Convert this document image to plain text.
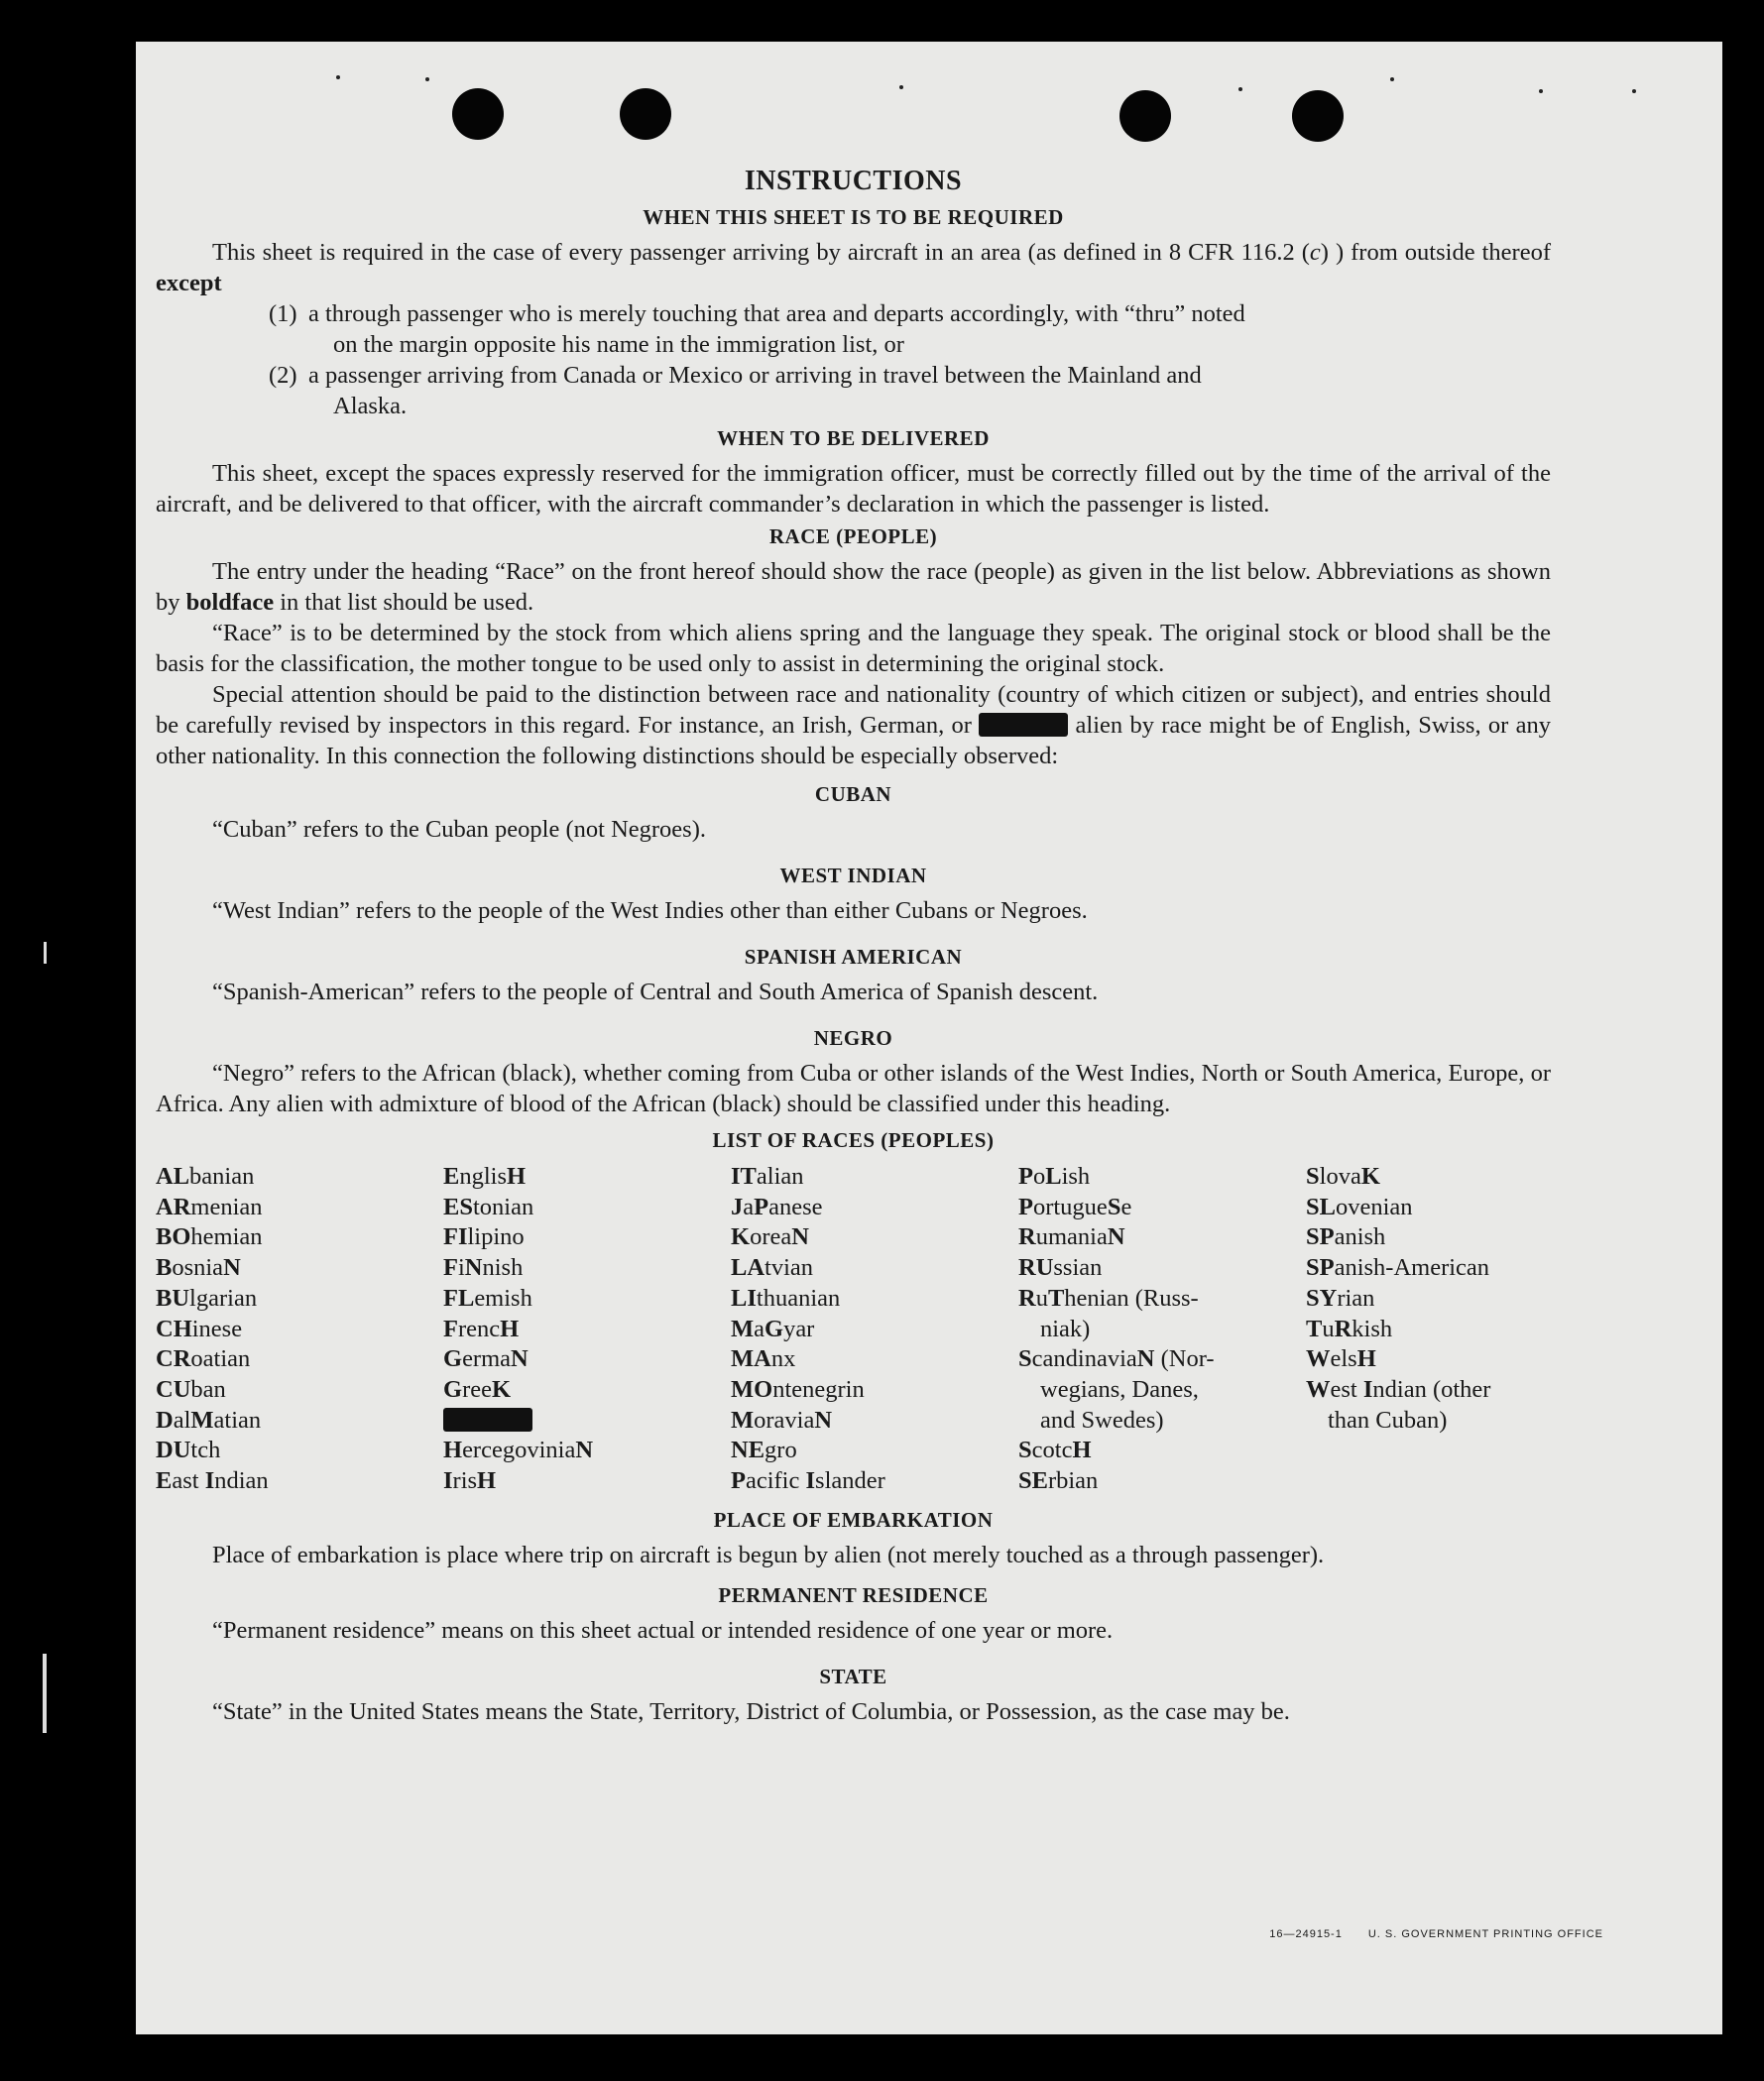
INSTRUCTIONS
WHEN THIS SHEET IS TO BE REQUIRED

This sheet is required in the case of every passenger arriving by aircraft in an area (as defined in 8 CFR 116.2 (c) ) from outside thereof except

(1) a through passenger who is merely touching that area and departs accordingly, with “thru” noted
on the margin opposite his name in the immigration list, or
(2) a passenger arriving from Canada or Mexico or arriving in travel between the Mainland and
Alaska.
WHEN TO BE DELIVERED

This sheet, except the spaces expressly reserved for the immigration officer, must be correctly filled out by the time of the arrival of the aircraft, and be delivered to that officer, with the aircraft commander’s declaration in which the passenger is listed.

RACE (PEOPLE)

The entry under the heading “Race” on the front hereof should show the race (people) as given in the list below. Abbreviations as shown by boldface in that list should be used.

“Race” is to be determined by the stock from which aliens spring and the language they speak. The original stock or blood shall be the basis for the classification, the mother tongue to be used only to assist in determining the original stock.

Special attention should be paid to the distinction between race and nationality (country of which citizen or subject), and entries should be carefully revised by inspectors in this regard. For instance, an Irish, German, or	alien by race might be of English, Swiss, or any other nationality. In this connection the following distinctions should be especially observed:

CUBAN

“Cuban” refers to the Cuban people (not Negroes).

WEST INDIAN

“West Indian” refers to the people of the West Indies other than either Cubans or Negroes.

SPANISH AMERICAN

“Spanish-American” refers to the people of Central and South America of Spanish descent.

NEGRO

“Negro” refers to the African (black), whether coming from Cuba or other islands of the West Indies, North or South America, Europe, or Africa. Any alien with admixture of blood of the African (black) should be classified under this heading.

LIST OF RACES (PEOPLES)
ALbanian
ARmenian
BOhemian
BosniaN
BUlgarian
CHinese
CRoatian
CUban
DalMatian
DUtch
East Indian
EnglisH
EStonian
FIlipino
FiNnish
FLemish
FrencH
GermaN
GreeK
HercegoviniaN
IrisH
ITalian
JaPanese
KoreaN
LAtvian
LIthuanian
MaGyar
MAnx
MOntenegrin
MoraviaN
NEgro
Pacific Islander
PoLish
PortugueSe
RumaniaN
RUssian
RuThenian (Russ-
niak)
ScandinaviaN (Nor-
wegians, Danes,
and Swedes)
ScotcH
SErbian
SlovaK
SLovenian
SPanish
SPanish-American
SYrian
TuRkish
WelsH
West Indian (other
than Cuban)
PLACE OF EMBARKATION

Place of embarkation is place where trip on aircraft is begun by alien (not merely touched as a through passenger).

PERMANENT RESIDENCE

“Permanent residence” means on this sheet actual or intended residence of one year or more.

STATE

“State” in the United States means the State, Territory, District of Columbia, or Possession, as the case may be.

16—24915-1 U. S. GOVERNMENT PRINTING OFFICE
